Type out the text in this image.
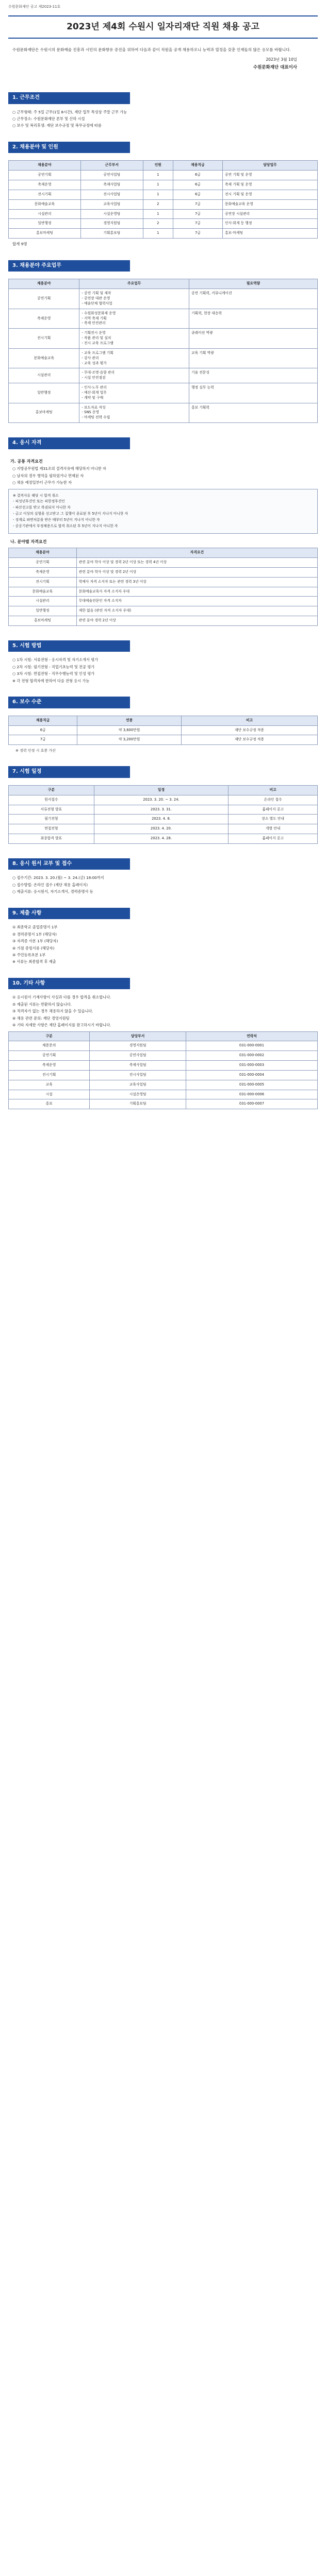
수원문화재단 공고 제2023-11호
2023년 제4회 수원시 일자리재단 직원 채용 공고
수원문화재단은 수원시의 문화예술 진흥과 시민의 문화향유 증진을 위하여 다음과 같이 직원을 공개 채용하오니 능력과 열정을 갖춘 인재들의 많은 응모를 바랍니다.
2023년 3월 10일
수원문화재단 대표이사
1. 근무조건

○ 근무형태: 주 5일 근무(1일 8시간), 재단 업무 특성상 주말 근무 가능

○ 근무장소: 수원문화재단 본부 및 산하 시설

○ 보수 및 복리후생: 재단 보수규정 및 복무규정에 따름

2. 채용분야 및 인원
채용분야	근무부서	인원	채용직급	담당업무
공연기획	공연사업팀	1	6급	공연 기획 및 운영
축제운영	축제사업팀	1	6급	축제 기획 및 운영
전시기획	전시사업팀	1	6급	전시 기획 및 운영
문화예술교육	교육사업팀	2	7급	문화예술교육 운영
시설관리	시설운영팀	1	7급	공연장 시설관리
일반행정	경영지원팀	2	7급	인사·회계 등 행정
홍보마케팅	기획홍보팀	1	7급	홍보·마케팅
합계 9명
3. 채용분야 주요업무
채용분야	주요업무	필요역량
공연기획	- 공연 기획 및 제작
- 공연장 대관 운영
- 예술단체 협력사업	공연 기획력, 커뮤니케이션
축제운영	- 수원화성문화제 운영
- 지역 축제 기획
- 축제 안전관리	기획력, 현장 대응력
전시기획	- 기획전시 운영
- 작품 관리 및 설치
- 전시 교육 프로그램	큐레이션 역량
문화예술교육	- 교육 프로그램 기획
- 강사 관리
- 교육 성과 평가	교육 기획 역량
시설관리	- 무대·조명·음향 관리
- 시설 안전점검	기술 전문성
일반행정	- 인사·노무 관리
- 예산·회계 업무
- 계약 및 구매	행정 실무 능력
홍보마케팅	- 보도자료 작성
- SNS 운영
- 마케팅 전략 수립	홍보 기획력
4. 응시 자격
가. 공통 자격요건

○ 지방공무원법 제31조의 결격사유에 해당하지 아니한 자

○ 남자의 경우 병역을 필하였거나 면제된 자

○ 채용 예정일부터 근무가 가능한 자

※ 결격사유 해당 시 합격 취소

- 피성년후견인 또는 피한정후견인

- 파산선고를 받고 복권되지 아니한 자

- 금고 이상의 실형을 선고받고 그 집행이 종료된 후 5년이 지나지 아니한 자

- 징계로 파면처분을 받은 때부터 5년이 지나지 아니한 자

- 공공기관에서 부정채용으로 합격 취소된 후 5년이 지나지 아니한 자

나. 분야별 자격요건
채용분야	자격요건
공연기획	관련 분야 학사 이상 및 경력 2년 이상 또는 경력 4년 이상
축제운영	관련 분야 학사 이상 및 경력 2년 이상
전시기획	학예사 자격 소지자 또는 관련 경력 3년 이상
문화예술교육	문화예술교육사 자격 소지자 우대
시설관리	무대예술전문인 자격 소지자
일반행정	제한 없음 (관련 자격 소지자 우대)
홍보마케팅	관련 분야 경력 2년 이상
5. 시험 방법

○ 1차 시험: 서류전형 - 응시자격 및 자기소개서 평가

○ 2차 시험: 필기전형 - 직업기초능력 및 전공 평가

○ 3차 시험: 면접전형 - 직무수행능력 및 인성 평가

※ 각 전형 합격자에 한하여 다음 전형 응시 가능

6. 보수 수준
채용직급	연봉	비고
6급	약 3,600만원	재단 보수규정 적용
7급	약 3,200만원	재단 보수규정 적용
※ 경력 인정 시 호봉 가산
7. 시험 일정
구분	일정	비고
원서접수	2023. 3. 20. ~ 3. 24.	온라인 접수
서류전형 발표	2023. 3. 31.	홈페이지 공고
필기전형	2023. 4. 8.	장소 별도 안내
면접전형	2023. 4. 20.	개별 안내
최종합격 발표	2023. 4. 28.	홈페이지 공고
8. 응시 원서 교부 및 접수

○ 접수기간: 2023. 3. 20.(월) ~ 3. 24.(금) 18:00까지

○ 접수방법: 온라인 접수 (재단 채용 홈페이지)

○ 제출서류: 응시원서, 자기소개서, 경력증명서 등

9. 제출 사항

① 최종학교 졸업증명서 1부

② 경력증명서 1부 (해당자)

③ 자격증 사본 1부 (해당자)

④ 가점 증빙서류 (해당자)

⑤ 주민등록초본 1부

※ 서류는 최종합격 후 제출

10. 기타 사항

① 응시원서 기재사항이 사실과 다를 경우 합격을 취소합니다.

② 제출된 서류는 반환하지 않습니다.

③ 적격자가 없는 경우 채용하지 않을 수 있습니다.

④ 채용 관련 문의: 재단 경영지원팀

⑤ 기타 자세한 사항은 재단 홈페이지를 참고하시기 바랍니다.

구분	담당부서	연락처
채용문의	경영지원팀	031-000-0001
공연기획	공연사업팀	031-000-0002
축제운영	축제사업팀	031-000-0003
전시기획	전시사업팀	031-000-0004
교육	교육사업팀	031-000-0005
시설	시설운영팀	031-000-0006
홍보	기획홍보팀	031-000-0007
